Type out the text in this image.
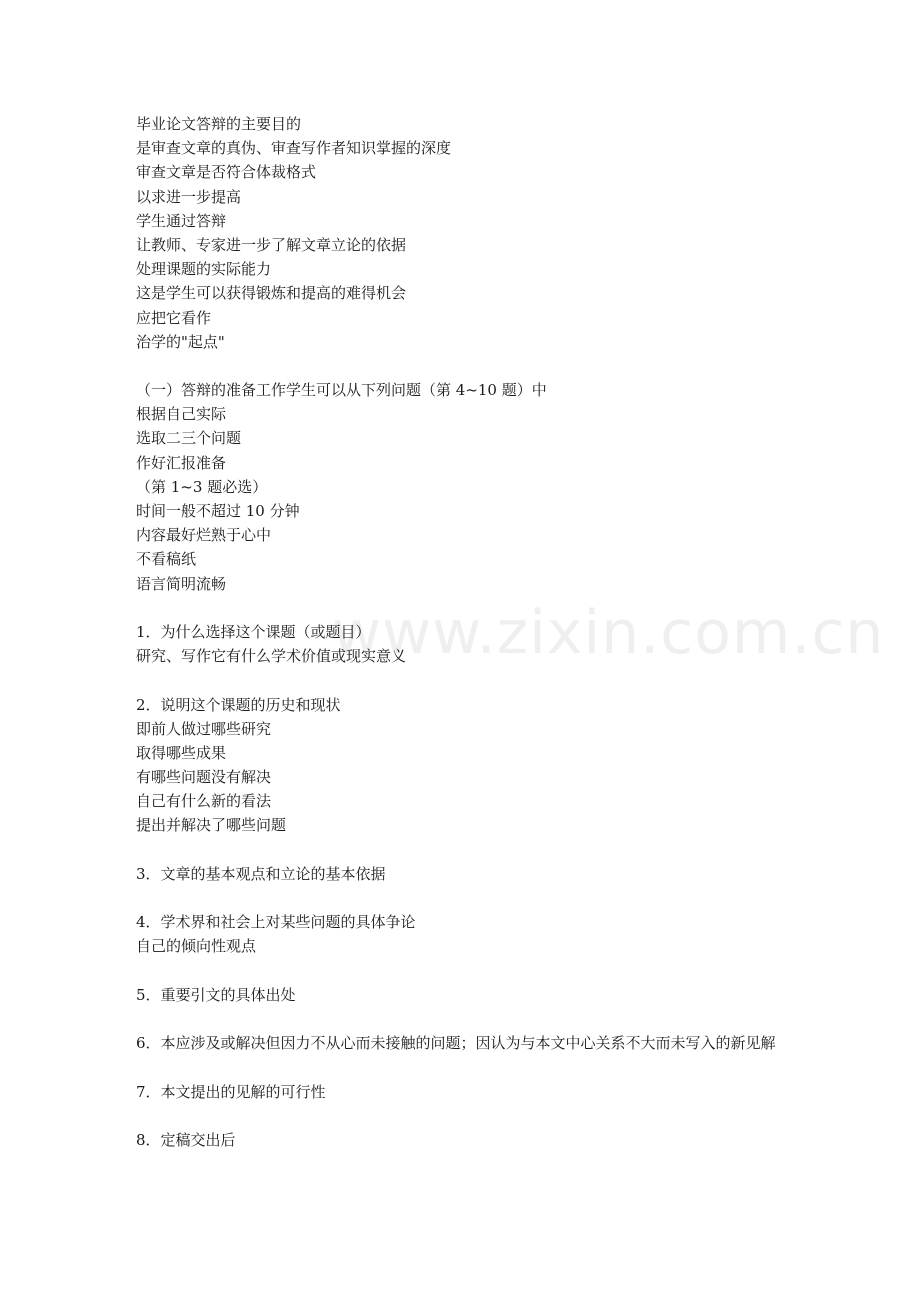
www.zixin.com.cn
毕业论文答辩的主要目的
是审查文章的真伪、审查写作者知识掌握的深度
审查文章是否符合体裁格式
以求进一步提高
学生通过答辩
让教师、专家进一步了解文章立论的依据
处理课题的实际能力
这是学生可以获得锻炼和提高的难得机会
应把它看作
治学的"起点"
（一）答辩的准备工作学生可以从下列问题（第 4~10 题）中
根据自己实际
选取二三个问题
作好汇报准备
（第 1~3 题必选）
时间一般不超过 10 分钟
内容最好烂熟于心中
不看稿纸
语言简明流畅
1．为什么选择这个课题（或题目）
研究、写作它有什么学术价值或现实意义
2．说明这个课题的历史和现状
即前人做过哪些研究
取得哪些成果
有哪些问题没有解决
自己有什么新的看法
提出并解决了哪些问题
3．文章的基本观点和立论的基本依据
4．学术界和社会上对某些问题的具体争论
自己的倾向性观点
5．重要引文的具体出处
6．本应涉及或解决但因力不从心而未接触的问题；因认为与本文中心关系不大而未写入的新见解
7．本文提出的见解的可行性
8．定稿交出后
